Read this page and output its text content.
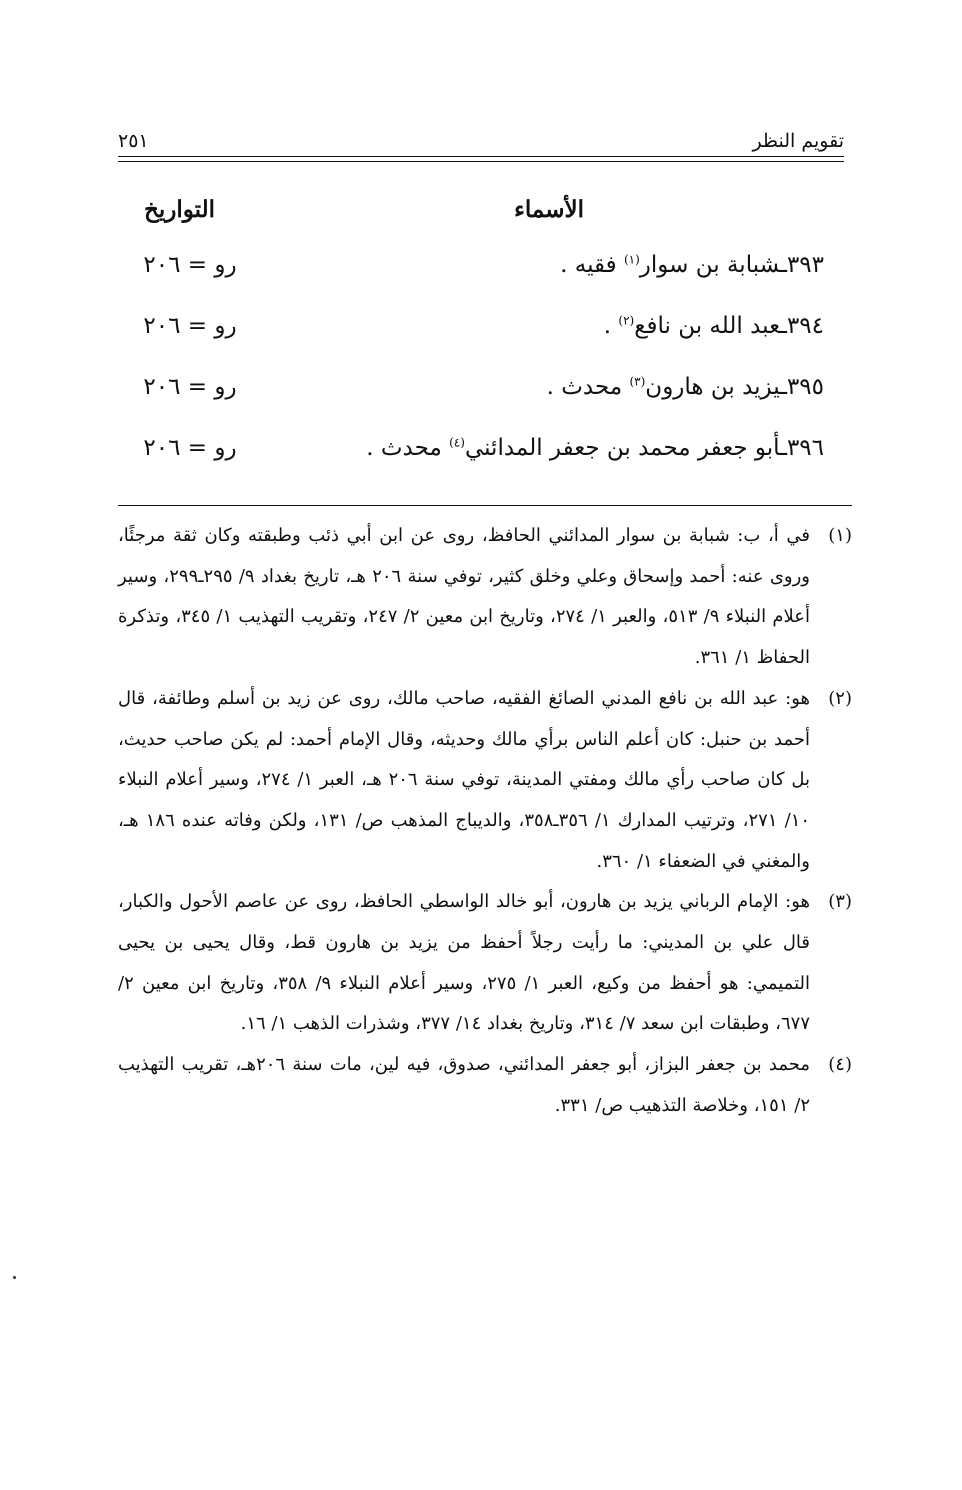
تقويم النظر
٢٥١
الأسماء
التواريخ
٣٩٣ـشبابة بن سوار$^{(١)}$ فقيه .
رو = ٢٠٦
٣٩٤ـعبد الله بن نافع$^{(٢)}$ .
رو = ٢٠٦
٣٩٥ـيزيد بن هارون$^{(٣)}$ محدث .
رو = ٢٠٦
٣٩٦ـأبو جعفر محمد بن جعفر المدائني$^{(٤)}$ محدث .
رو = ٢٠٦
(١)
في أ، ب: شبابة بن سوار المدائني الحافظ، روى عن ابن أبي ذئب وطبقته وكان ثقة مرجئًا، وروى عنه: أحمد وإسحاق وعلي وخلق كثير، توفي سنة ٢٠٦ هـ، تاريخ بغداد ٩/ ٢٩٥ـ٢٩٩، وسير أعلام النبلاء ٩/ ٥١٣، والعبر ١/ ٢٧٤، وتاريخ ابن معين ٢/ ٢٤٧، وتقريب التهذيب ١/ ٣٤٥، وتذكرة الحفاظ ١/ ٣٦١.
(٢)
هو: عبد الله بن نافع المدني الصائغ الفقيه، صاحب مالك، روى عن زيد بن أسلم وطائفة، قال أحمد بن حنبل: كان أعلم الناس برأي مالك وحديثه، وقال الإمام أحمد: لم يكن صاحب حديث، بل كان صاحب رأي مالك ومفتي المدينة، توفي سنة ٢٠٦ هـ، العبر ١/ ٢٧٤، وسير أعلام النبلاء ١٠/ ٢٧١، وترتيب المدارك ١/ ٣٥٦ـ٣٥٨، والديباج المذهب ص/ ١٣١، ولكن وفاته عنده ١٨٦ هـ، والمغني في الضعفاء ١/ ٣٦٠.
(٣)
هو: الإمام الرباني يزيد بن هارون، أبو خالد الواسطي الحافظ، روى عن عاصم الأحول والكبار، قال علي بن المديني: ما رأيت رجلاً أحفظ من يزيد بن هارون قط، وقال يحيى بن يحيى التميمي: هو أحفظ من وكيع، العبر ١/ ٢٧٥، وسير أعلام النبلاء ٩/ ٣٥٨، وتاريخ ابن معين ٢/ ٦٧٧، وطبقات ابن سعد ٧/ ٣١٤، وتاريخ بغداد ١٤/ ٣٧٧، وشذرات الذهب ١/ ١٦.
(٤)
محمد بن جعفر البزاز، أبو جعفر المدائني، صدوق، فيه لين، مات سنة ٢٠٦هـ، تقريب التهذيب ٢/ ١٥١، وخلاصة التذهيب ص/ ٣٣١.
